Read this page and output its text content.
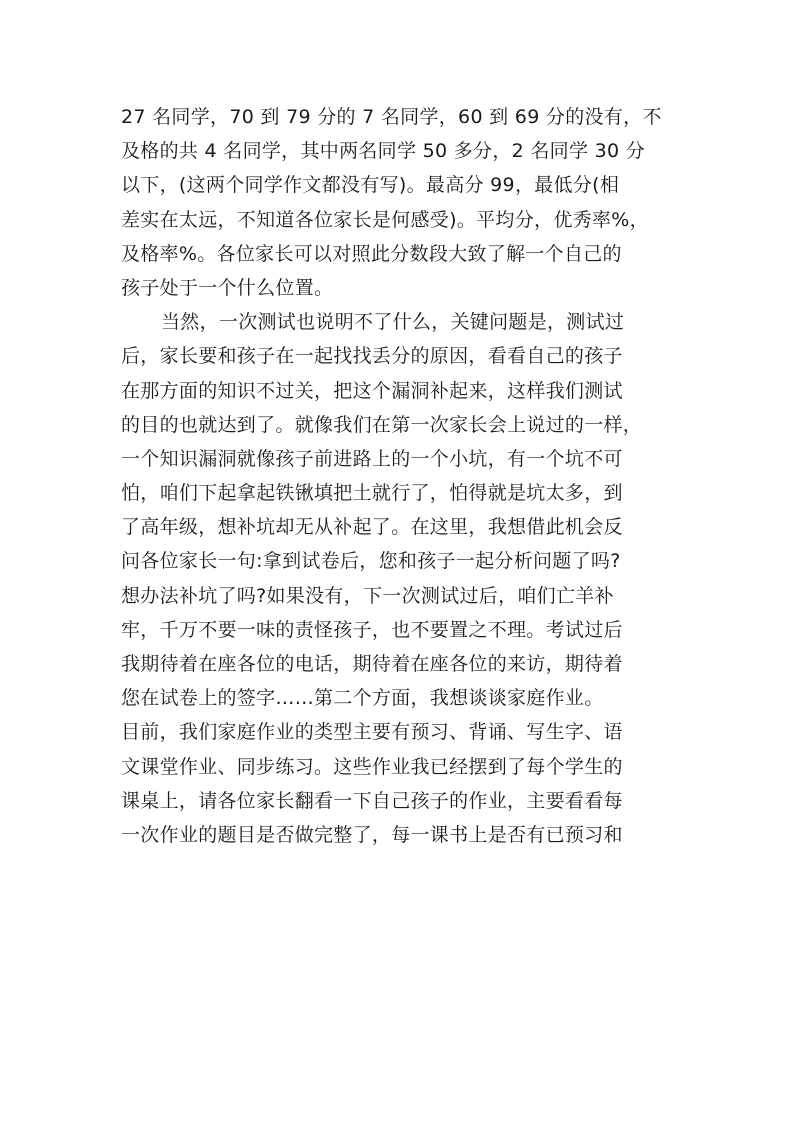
27 名同学，70 到 79 分的 7 名同学，60 到 69 分的没有，不
及格的共 4 名同学，其中两名同学 50 多分，2 名同学 30 分
以下，(这两个同学作文都没有写)。最高分 99，最低分(相
差实在太远，不知道各位家长是何感受)。平均分，优秀率%，
及格率%。各位家长可以对照此分数段大致了解一个自己的
孩子处于一个什么位置。
当然，一次测试也说明不了什么，关键问题是，测试过
后，家长要和孩子在一起找找丢分的原因，看看自己的孩子
在那方面的知识不过关，把这个漏洞补起来，这样我们测试
的目的也就达到了。就像我们在第一次家长会上说过的一样，
一个知识漏洞就像孩子前进路上的一个小坑，有一个坑不可
怕，咱们下起拿起铁锹填把土就行了，怕得就是坑太多，到
了高年级，想补坑却无从补起了。在这里，我想借此机会反
问各位家长一句:拿到试卷后，您和孩子一起分析问题了吗?
想办法补坑了吗?如果没有，下一次测试过后，咱们亡羊补
牢，千万不要一味的责怪孩子，也不要置之不理。考试过后
我期待着在座各位的电话，期待着在座各位的来访，期待着
您在试卷上的签字……第二个方面，我想谈谈家庭作业。
目前，我们家庭作业的类型主要有预习、背诵、写生字、语
文课堂作业、同步练习。这些作业我已经摆到了每个学生的
课桌上，请各位家长翻看一下自己孩子的作业，主要看看每
一次作业的题目是否做完整了，每一课书上是否有已预习和
